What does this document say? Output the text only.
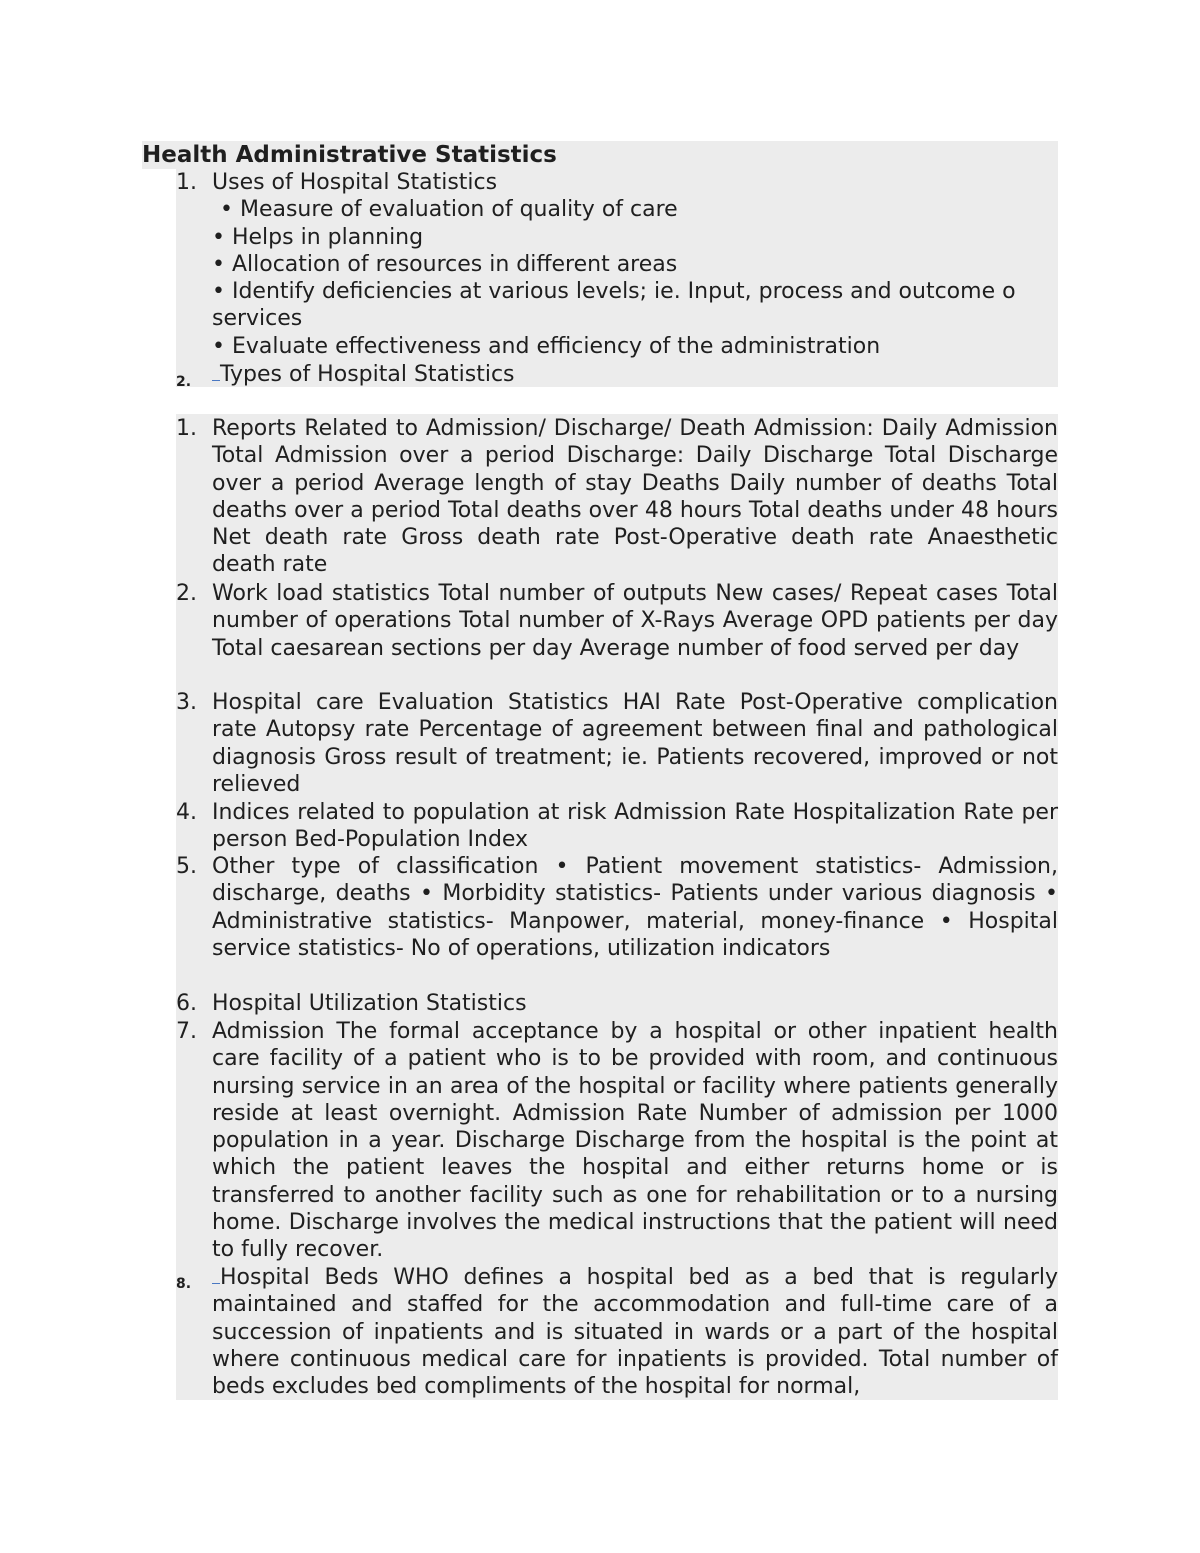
Health Administrative Statistics
1. Uses of Hospital Statistics
• Measure of evaluation of quality of care
• Helps in planning
• Allocation of resources in different areas

• Identify deficiencies at various levels; ie. Input, process and outcome o services

• Evaluate effectiveness and efficiency of the administration
2.	Types of Hospital Statistics
1. Reports Related to Admission/ Discharge/ Death Admission: Daily Admission Total Admission over a period Discharge: Daily Discharge Total Discharge over a period Average length of stay Deaths Daily number of deaths Total deaths over a period Total deaths over 48 hours Total deaths under 48 hours Net death rate Gross death rate Post-Operative death rate Anaesthetic death rate

2. Work load statistics Total number of outputs New cases/ Repeat cases Total number of operations Total number of X-Rays Average OPD patients per day Total caesarean sections per day Average number of food served per day

3. Hospital care Evaluation Statistics HAI Rate Post-Operative complication rate Autopsy rate Percentage of agreement between final and pathological diagnosis Gross result of treatment; ie. Patients recovered, improved or not relieved

4. Indices related to population at risk Admission Rate Hospitalization Rate per person Bed-Population Index

5. Other type of classification • Patient movement statistics- Admission, discharge, deaths • Morbidity statistics- Patients under various diagnosis • Administrative statistics- Manpower, material, money-finance • Hospital service statistics- No of operations, utilization indicators

6. Hospital Utilization Statistics

7. Admission The formal acceptance by a hospital or other inpatient health care facility of a patient who is to be provided with room, and continuous nursing service in an area of the hospital or facility where patients generally reside at least overnight. Admission Rate Number of admission per 1000 population in a year. Discharge Discharge from the hospital is the point at which the patient leaves the hospital and either returns home or is transferred to another facility such as one for rehabilitation or to a nursing home. Discharge involves the medical instructions that the patient will need to fully recover.

8.	Hospital Beds WHO defines a hospital bed as a bed that is regularly maintained and staffed for the accommodation and full-time care of a succession of inpatients and is situated in wards or a part of the hospital where continuous medical care for inpatients is provided. Total number of beds excludes bed compliments of the hospital for normal,
